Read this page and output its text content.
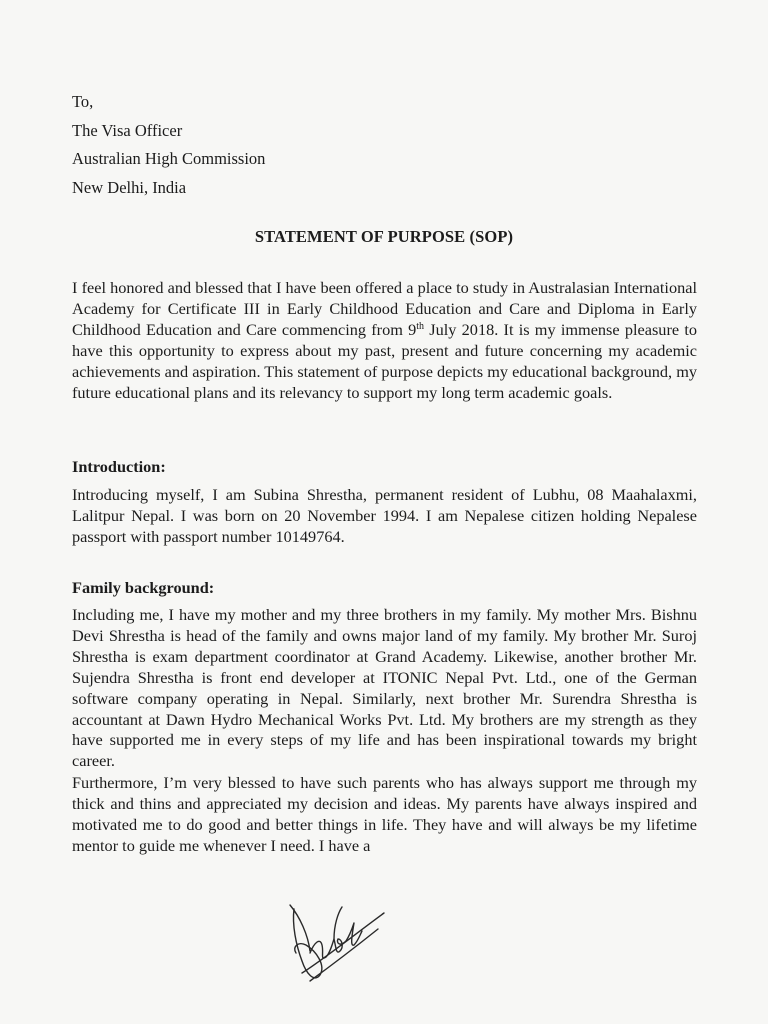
To,
The Visa Officer
Australian High Commission
New Delhi, India
STATEMENT OF PURPOSE (SOP)
I feel honored and blessed that I have been offered a place to study in Australasian International Academy for Certificate III in Early Childhood Education and Care and Diploma in Early Childhood Education and Care commencing from 9th July 2018. It is my immense pleasure to have this opportunity to express about my past, present and future concerning my academic achievements and aspiration. This statement of purpose depicts my educational background, my future educational plans and its relevancy to support my long term academic goals.
Introduction:
Introducing myself, I am Subina Shrestha, permanent resident of Lubhu, 08 Maahalaxmi, Lalitpur Nepal. I was born on 20 November 1994. I am Nepalese citizen holding Nepalese passport with passport number 10149764.
Family background:
Including me, I have my mother and my three brothers in my family. My mother Mrs. Bishnu Devi Shrestha is head of the family and owns major land of my family. My brother Mr. Suroj Shrestha is exam department coordinator at Grand Academy. Likewise, another brother Mr. Sujendra Shrestha is front end developer at ITONIC Nepal Pvt. Ltd., one of the German software company operating in Nepal. Similarly, next brother Mr. Surendra Shrestha is accountant at Dawn Hydro Mechanical Works Pvt. Ltd. My brothers are my strength as they have supported me in every steps of my life and has been inspirational towards my bright career.
Furthermore, I’m very blessed to have such parents who has always support me through my thick and thins and appreciated my decision and ideas. My parents have always inspired and motivated me to do good and better things in life. They have and will always be my lifetime mentor to guide me whenever I need. I have a
